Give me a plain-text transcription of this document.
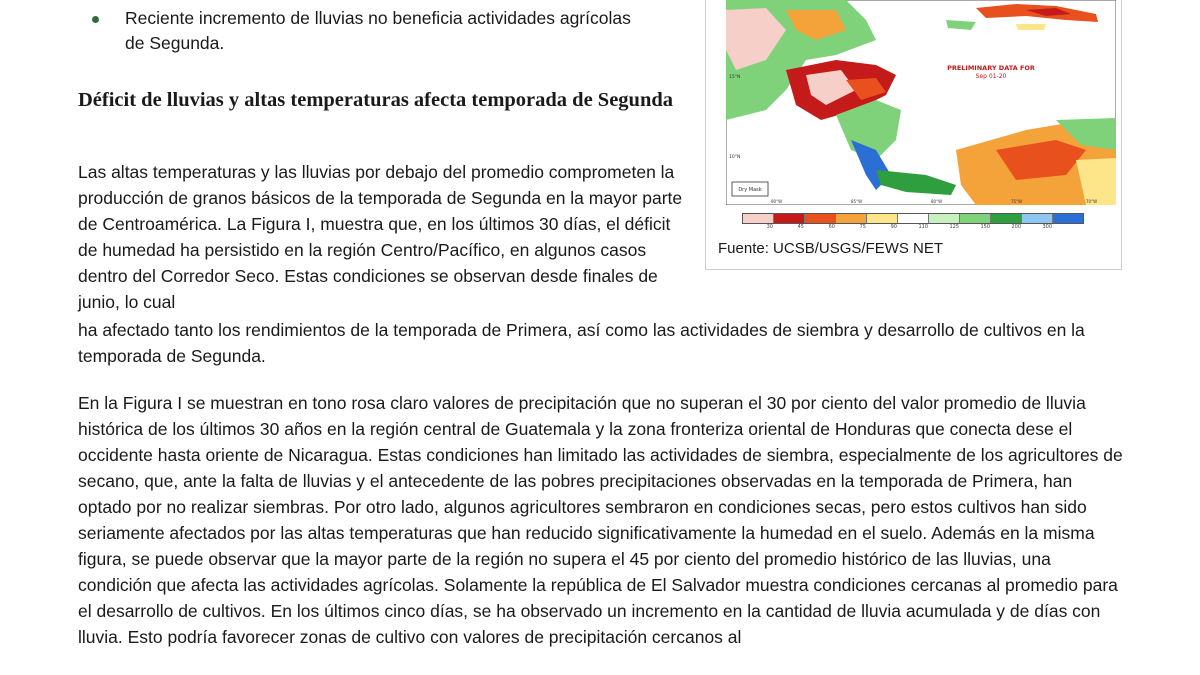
Reciente incremento de lluvias no beneficia actividades agrícolas de Segunda.
Déficit de lluvias y altas temperaturas afecta temporada de Segunda

Las altas temperaturas y las lluvias por debajo del promedio comprometen la producción de granos básicos de la temporada de Segunda en la mayor parte de Centroamérica. La Figura I, muestra que, en los últimos 30 días, el déficit de humedad ha persistido en la región Centro/Pacífico, en algunos casos dentro del Corredor Seco. Estas condiciones se observan desde finales de junio, lo cual

ha afectado tanto los rendimientos de la temporada de Primera, así como las actividades de siembra y desarrollo de cultivos en la temporada de Segunda.

En la Figura I se muestran en tono rosa claro valores de precipitación que no superan el 30 por ciento del valor promedio de lluvia histórica de los últimos 30 años en la región central de Guatemala y la zona fronteriza oriental de Honduras que conecta dese el occidente hasta oriente de Nicaragua. Estas condiciones han limitado las actividades de siembra, especialmente de los agricultores de secano, que, ante la falta de lluvias y el antecedente de las pobres precipitaciones observadas en la temporada de Primera, han optado por no realizar siembras. Por otro lado, algunos agricultores sembraron en condiciones secas, pero estos cultivos han sido seriamente afectados por las altas temperaturas que han reducido significativamente la humedad en el suelo. Además en la misma figura, se puede observar que la mayor parte de la región no supera el 45 por ciento del promedio histórico de las lluvias, una condición que afecta las actividades agrícolas. Solamente la república de El Salvador muestra condiciones cercanas al promedio para el desarrollo de cultivos. En los últimos cinco días, se ha observado un incremento en la cantidad de lluvia acumulada y de días con lluvia. Esto podría favorecer zonas de cultivo con valores de precipitación cercanos al

PRELIMINARY DATA FOR
Sep 01-20
15°N
10°N
Dry Mask
90°W	85°W	80°W	75°W	70°W
30	45	60	75	90	110	125	150	200	300
Fuente: UCSB/USGS/FEWS NET
